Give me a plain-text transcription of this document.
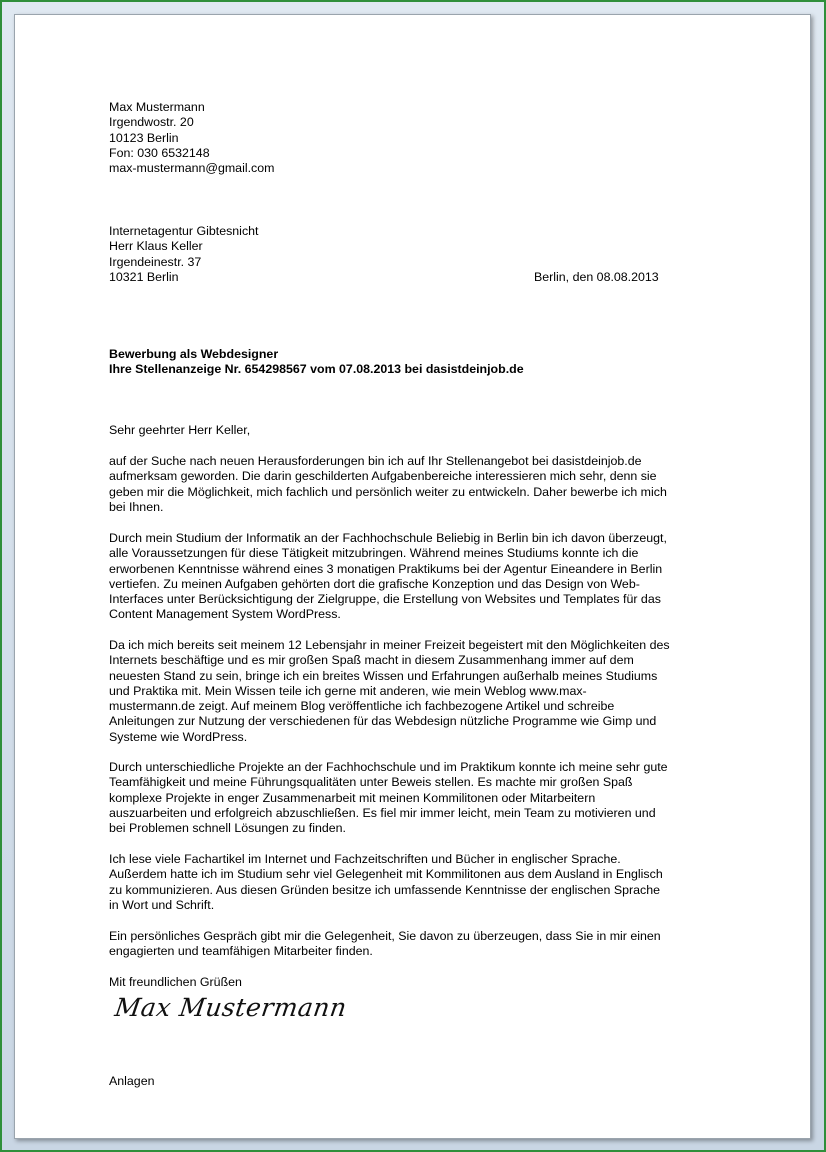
Max Mustermann
Irgendwostr. 20
10123 Berlin
Fon: 030 6532148
max-mustermann@gmail.com
Internetagentur Gibtesnicht
Herr Klaus Keller
Irgendeinestr. 37
10321 Berlin	Berlin, den 08.08.2013
Bewerbung als Webdesigner
Ihre Stellenanzeige Nr. 654298567 vom 07.08.2013 bei dasistdeinjob.de
Sehr geehrter Herr Keller,
auf der Suche nach neuen Herausforderungen bin ich auf Ihr Stellenangebot bei dasistdeinjob.de
aufmerksam geworden. Die darin geschilderten Aufgabenbereiche interessieren mich sehr, denn sie
geben mir die Möglichkeit, mich fachlich und persönlich weiter zu entwickeln. Daher bewerbe ich mich
bei Ihnen.
Durch mein Studium der Informatik an der Fachhochschule Beliebig in Berlin bin ich davon überzeugt,
alle Voraussetzungen für diese Tätigkeit mitzubringen. Während meines Studiums konnte ich die
erworbenen Kenntnisse während eines 3 monatigen Praktikums bei der Agentur Eineandere in Berlin
vertiefen. Zu meinen Aufgaben gehörten dort die grafische Konzeption und das Design von Web-
Interfaces unter Berücksichtigung der Zielgruppe, die Erstellung von Websites und Templates für das
Content Management System WordPress.
Da ich mich bereits seit meinem 12 Lebensjahr in meiner Freizeit begeistert mit den Möglichkeiten des
Internets beschäftige und es mir großen Spaß macht in diesem Zusammenhang immer auf dem
neuesten Stand zu sein, bringe ich ein breites Wissen und Erfahrungen außerhalb meines Studiums
und Praktika mit. Mein Wissen teile ich gerne mit anderen, wie mein Weblog www.max-
mustermann.de zeigt. Auf meinem Blog veröffentliche ich fachbezogene Artikel und schreibe
Anleitungen zur Nutzung der verschiedenen für das Webdesign nützliche Programme wie Gimp und
Systeme wie WordPress.
Durch unterschiedliche Projekte an der Fachhochschule und im Praktikum konnte ich meine sehr gute
Teamfähigkeit und meine Führungsqualitäten unter Beweis stellen. Es machte mir großen Spaß
komplexe Projekte in enger Zusammenarbeit mit meinen Kommilitonen oder Mitarbeitern
auszuarbeiten und erfolgreich abzuschließen. Es fiel mir immer leicht, mein Team zu motivieren und
bei Problemen schnell Lösungen zu finden.
Ich lese viele Fachartikel im Internet und Fachzeitschriften und Bücher in englischer Sprache.
Außerdem hatte ich im Studium sehr viel Gelegenheit mit Kommilitonen aus dem Ausland in Englisch
zu kommunizieren. Aus diesen Gründen besitze ich umfassende Kenntnisse der englischen Sprache
in Wort und Schrift.
Ein persönliches Gespräch gibt mir die Gelegenheit, Sie davon zu überzeugen, dass Sie in mir einen
engagierten und teamfähigen Mitarbeiter finden.
Mit freundlichen Grüßen
Max Mustermann
Anlagen
